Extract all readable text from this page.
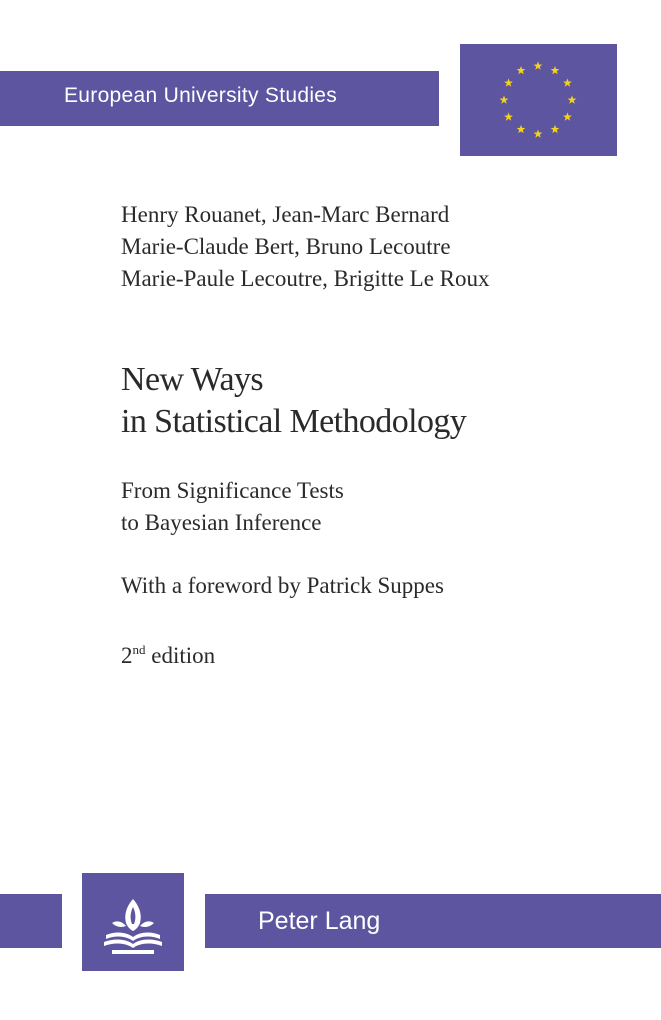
European University Studies
Henry Rouanet, Jean-Marc Bernard
Marie-Claude Bert, Bruno Lecoutre
Marie-Paule Lecoutre, Brigitte Le Roux
New Ways
in Statistical Methodology
From Significance Tests
to Bayesian Inference
With a foreword by Patrick Suppes
2nd edition
Peter Lang
